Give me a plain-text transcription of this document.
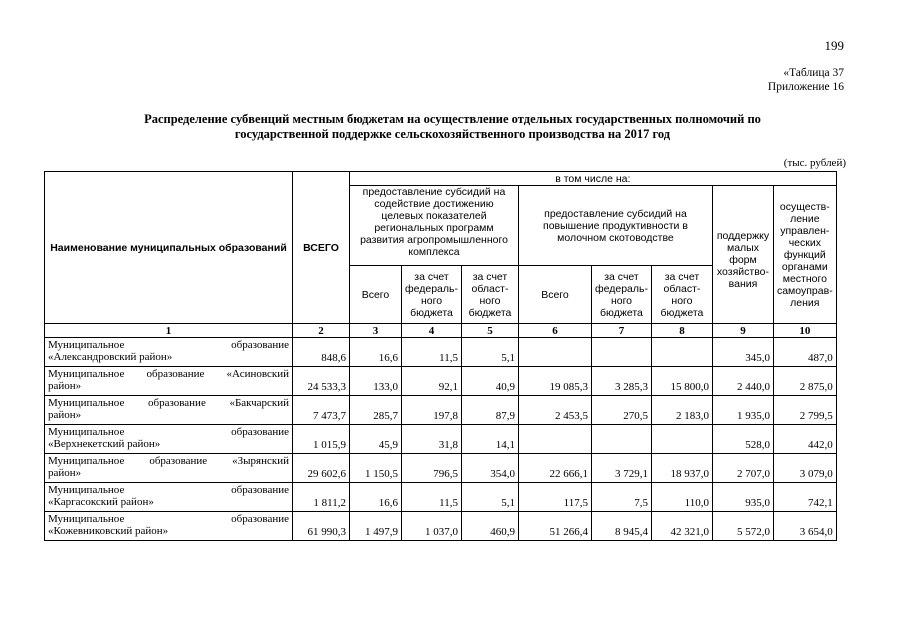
199
«Таблица 37
Приложение 16
Распределение субвенций местным бюджетам на осуществление отдельных государственных полномочий по
государственной поддержке сельскохозяйственного производства на 2017 год
(тыс. рублей)
Наименование муниципальных образований	ВСЕГО	в том числе на:							
		предоставление субсидий на содействие достижению целевых показателей региональных программ развития агропромышленного комплекса			предоставление субсидий на повышение продуктивности в молочном скотоводстве			поддержку малых форм хозяйство-вания	осуществ-ление управлен-ческих функций органами местного самоуправ-ления
		Всего	за счет федераль-ного бюджета	за счет област-ного бюджета	Всего	за счет федераль-ного бюджета	за счет област-ного бюджета		
1	2	3	4	5	6	7	8	9	10

Муниципальное образование
«Александровский район»	848,6	16,6	11,5	5,1				345,0	487,0

Муниципальное образование «Асиновский
район»	24 533,3	133,0	92,1	40,9	19 085,3	3 285,3	15 800,0	2 440,0	2 875,0

Муниципальное образование «Бакчарский
район»	7 473,7	285,7	197,8	87,9	2 453,5	270,5	2 183,0	1 935,0	2 799,5

Муниципальное образование
«Верхнекетский район»	1 015,9	45,9	31,8	14,1				528,0	442,0

Муниципальное образование «Зырянский
район»	29 602,6	1 150,5	796,5	354,0	22 666,1	3 729,1	18 937,0	2 707,0	3 079,0

Муниципальное образование
«Каргасокский район»	1 811,2	16,6	11,5	5,1	117,5	7,5	110,0	935,0	742,1

Муниципальное образование
«Кожевниковский район»	61 990,3	1 497,9	1 037,0	460,9	51 266,4	8 945,4	42 321,0	5 572,0	3 654,0
